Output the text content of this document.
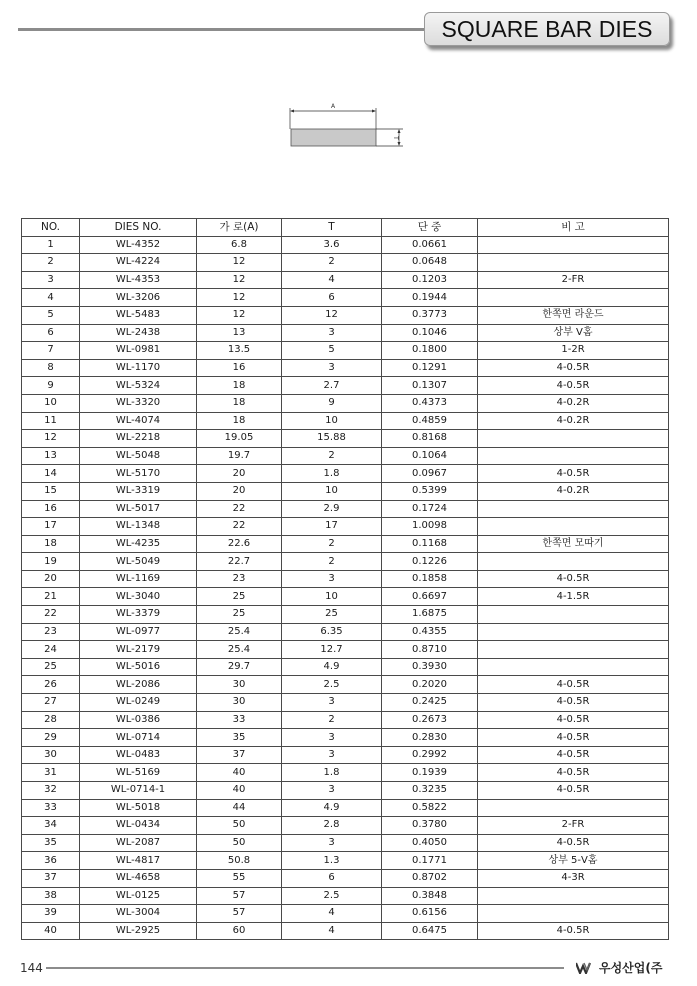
SQUARE BAR DIES
A
T
NO.	DIES NO.	가 로(A)	T	단 중	비 고
1	WL-4352	6.8	3.6	0.0661	
2	WL-4224	12	2	0.0648	
3	WL-4353	12	4	0.1203	2-FR
4	WL-3206	12	6	0.1944	
5	WL-5483	12	12	0.3773	한쪽면 라운드
6	WL-2438	13	3	0.1046	상부 V홈
7	WL-0981	13.5	5	0.1800	1-2R
8	WL-1170	16	3	0.1291	4-0.5R
9	WL-5324	18	2.7	0.1307	4-0.5R
10	WL-3320	18	9	0.4373	4-0.2R
11	WL-4074	18	10	0.4859	4-0.2R
12	WL-2218	19.05	15.88	0.8168	
13	WL-5048	19.7	2	0.1064	
14	WL-5170	20	1.8	0.0967	4-0.5R
15	WL-3319	20	10	0.5399	4-0.2R
16	WL-5017	22	2.9	0.1724	
17	WL-1348	22	17	1.0098	
18	WL-4235	22.6	2	0.1168	한쪽면 모따기
19	WL-5049	22.7	2	0.1226	
20	WL-1169	23	3	0.1858	4-0.5R
21	WL-3040	25	10	0.6697	4-1.5R
22	WL-3379	25	25	1.6875	
23	WL-0977	25.4	6.35	0.4355	
24	WL-2179	25.4	12.7	0.8710	
25	WL-5016	29.7	4.9	0.3930	
26	WL-2086	30	2.5	0.2020	4-0.5R
27	WL-0249	30	3	0.2425	4-0.5R
28	WL-0386	33	2	0.2673	4-0.5R
29	WL-0714	35	3	0.2830	4-0.5R
30	WL-0483	37	3	0.2992	4-0.5R
31	WL-5169	40	1.8	0.1939	4-0.5R
32	WL-0714-1	40	3	0.3235	4-0.5R
33	WL-5018	44	4.9	0.5822	
34	WL-0434	50	2.8	0.3780	2-FR
35	WL-2087	50	3	0.4050	4-0.5R
36	WL-4817	50.8	1.3	0.1771	상부 5-V홈
37	WL-4658	55	6	0.8702	4-3R
38	WL-0125	57	2.5	0.3848	
39	WL-3004	57	4	0.6156	
40	WL-2925	60	4	0.6475	4-0.5R
144	우성산업(주
